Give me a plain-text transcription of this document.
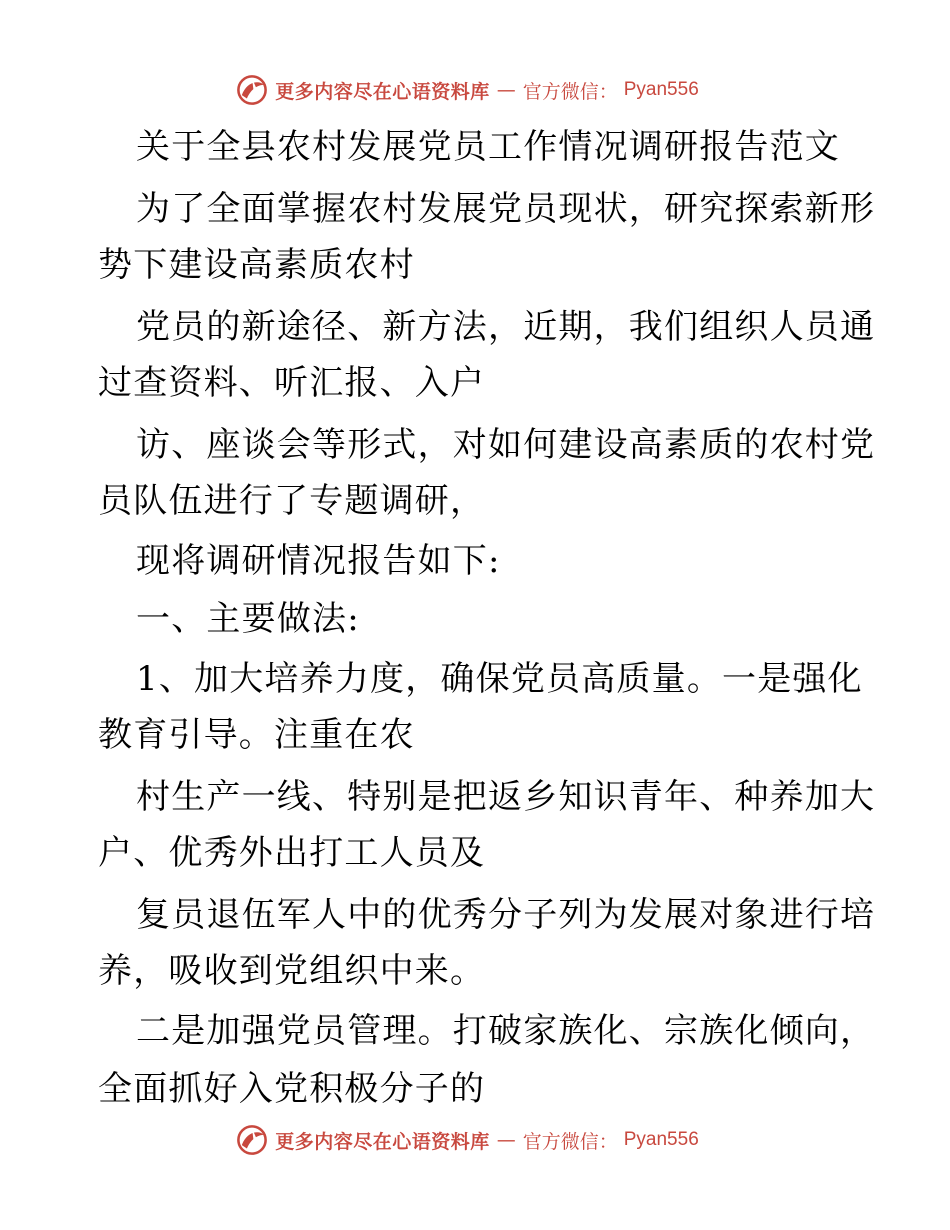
更多内容尽在心语资料库 — 官方微信： Pyan556
关于全县农村发展党员工作情况调研报告范文
为了全面掌握农村发展党员现状，研究探索新形
势下建设高素质农村
党员的新途径、新方法，近期，我们组织人员通
过查资料、听汇报、入户
访、座谈会等形式，对如何建设高素质的农村党
员队伍进行了专题调研，
现将调研情况报告如下:
一、主要做法:
1、加大培养力度，确保党员高质量。一是强化
教育引导。注重在农
村生产一线、特别是把返乡知识青年、种养加大
户、优秀外出打工人员及
复员退伍军人中的优秀分子列为发展对象进行培
养，吸收到党组织中来。
二是加强党员管理。打破家族化、宗族化倾向，
全面抓好入党积极分子的
更多内容尽在心语资料库 — 官方微信： Pyan556
